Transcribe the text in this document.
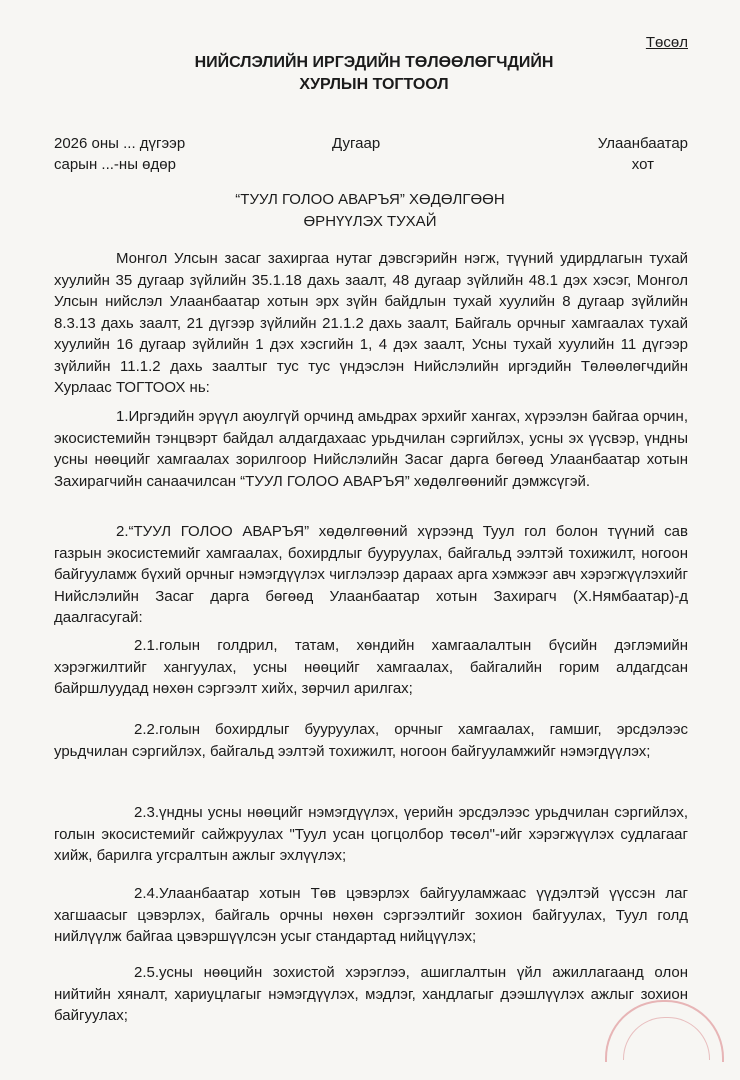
Төсөл
НИЙСЛЭЛИЙН ИРГЭДИЙН ТӨЛӨӨЛӨГЧДИЙН
ХУРЛЫН ТОГТООЛ
2026 оны ... дүгээр
сарын ...-ны өдөр
Дугаар	Улаанбаатар
хот
“ТУУЛ ГОЛОО АВАРЪЯ” ХӨДӨЛГӨӨН
ӨРНҮҮЛЭХ ТУХАЙ

Монгол Улсын засаг захиргаа нутаг дэвсгэрийн нэгж, түүний удирдлагын тухай хуулийн 35 дугаар зүйлийн 35.1.18 дахь заалт, 48 дугаар зүйлийн 48.1 дэх хэсэг, Монгол Улсын нийслэл Улаанбаатар хотын эрх зүйн байдлын тухай хуулийн 8 дугаар зүйлийн 8.3.13 дахь заалт, 21 дүгээр зүйлийн 21.1.2 дахь заалт, Байгаль орчныг хамгаалах тухай хуулийн 16 дугаар зүйлийн 1 дэх хэсгийн 1, 4 дэх заалт, Усны тухай хуулийн 11 дүгээр зүйлийн 11.1.2 дахь заалтыг тус тус үндэслэн Нийслэлийн иргэдийн Төлөөлөгчдийн Хурлаас ТОГТООХ нь:

1.Иргэдийн эрүүл аюулгүй орчинд амьдрах эрхийг хангах, хүрээлэн байгаа орчин, экосистемийн тэнцвэрт байдал алдагдахаас урьдчилан сэргийлэх, усны эх үүсвэр, үндны усны нөөцийг хамгаалах зорилгоор Нийслэлийн Засаг дарга бөгөөд Улаанбаатар хотын Захирагчийн санаачилсан “ТУУЛ ГОЛОО АВАРЪЯ” хөдөлгөөнийг дэмжсүгэй.

2.“ТУУЛ ГОЛОО АВАРЪЯ” хөдөлгөөний хүрээнд Туул гол болон түүний сав газрын экосистемийг хамгаалах, бохирдлыг бууруулах, байгальд ээлтэй тохижилт, ногоон байгууламж бүхий орчныг нэмэгдүүлэх чиглэлээр дараах арга хэмжээг авч хэрэгжүүлэхийг Нийслэлийн Засаг дарга бөгөөд Улаанбаатар хотын Захирагч (Х.Нямбаатар)-д даалгасугай:

2.1.голын голдрил, татам, хөндийн хамгаалалтын бүсийн дэглэмийн хэрэгжилтийг хангуулах, усны нөөцийг хамгаалах, байгалийн горим алдагдсан байршлуудад нөхөн сэргээлт хийх, зөрчил арилгах;

2.2.голын бохирдлыг бууруулах, орчныг хамгаалах, гамшиг, эрсдэлээс урьдчилан сэргийлэх, байгальд ээлтэй тохижилт, ногоон байгууламжийг нэмэгдүүлэх;

2.3.үндны усны нөөцийг нэмэгдүүлэх, үерийн эрсдэлээс урьдчилан сэргийлэх, голын экосистемийг сайжруулах "Туул усан цогцолбор төсөл"-ийг хэрэгжүүлэх судлагааг хийж, барилга угсралтын ажлыг эхлүүлэх;

2.4.Улаанбаатар хотын Төв цэвэрлэх байгууламжаас үүдэлтэй үүссэн лаг хагшаасыг цэвэрлэх, байгаль орчны нөхөн сэргээлтийг зохион байгуулах, Туул голд нийлүүлж байгаа цэвэршүүлсэн усыг стандартад нийцүүлэх;

2.5.усны нөөцийн зохистой хэрэглээ, ашиглалтын үйл ажиллагаанд олон нийтийн хяналт, хариуцлагыг нэмэгдүүлэх, мэдлэг, хандлагыг дээшлүүлэх ажлыг зохион байгуулах;
